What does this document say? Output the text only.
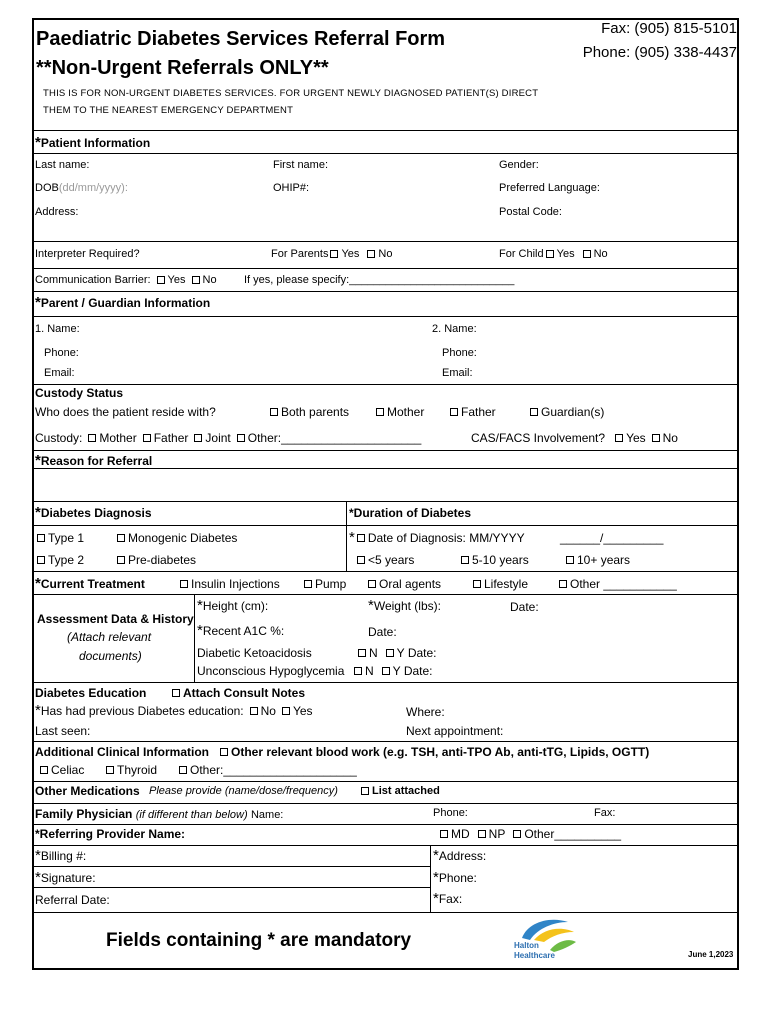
Paediatric Diabetes Services Referral Form
**Non-Urgent Referrals ONLY**
Fax: (905) 815-5101
Phone: (905) 338-4437
THIS IS FOR NON-URGENT DIABETES SERVICES. FOR URGENT NEWLY DIAGNOSED PATIENT(S) DIRECT
THEM TO THE NEAREST EMERGENCY DEPARTMENT
*Patient Information
Last name:	First name:	Gender:
DOB(dd/mm/yyyy):	OHIP#:	Preferred Language:
Address:	Postal Code:
Interpreter Required?	For Parents Yes No	For Child Yes No
Communication Barrier: Yes No If yes, please specify:___________________________
*Parent / Guardian Information
1. Name:	2. Name:
Phone:	Phone:
Email:	Email:
Custody Status
Who does the patient reside with?	Both parents	Mother	Father	Guardian(s)
Custody: Mother Father Joint Other:_____________________	CAS/FACS Involvement? Yes No
*Reason for Referral
*Diabetes Diagnosis	*Duration of Diabetes
Type 1	Monogenic Diabetes
Type 2	Pre-diabetes
* Date of Diagnosis: MM/YYYY	______/_________
<5 years	5-10 years	10+ years
*Current Treatment	Insulin Injections	Pump	Oral agents	Lifestyle	Other ___________
Assessment Data & History
(Attach relevant
documents)
*Height (cm):	*Weight (lbs):	Date:
*Recent A1C %:	Date:
Diabetic Ketoacidosis	N Y Date:
Unconscious Hypoglycemia	N Y Date:
Diabetes Education	Attach Consult Notes
*Has had previous Diabetes education: No Yes	Where:
Last seen:	Next appointment:
Additional Clinical Information	Other relevant blood work (e.g. TSH, anti-TPO Ab, anti-tTG, Lipids, OGTT)
Celiac	Thyroid	Other:____________________
Other Medications Please provide (name/dose/frequency)	List attached
Family Physician (if different than below) Name:	Phone:	Fax:
*Referring Provider Name:	MD NP Other__________
*Billing #:	*Address:
*Signature:	*Phone:
Referral Date:	*Fax:
Fields containing * are mandatory	Halton
Healthcare	June 1,2023
